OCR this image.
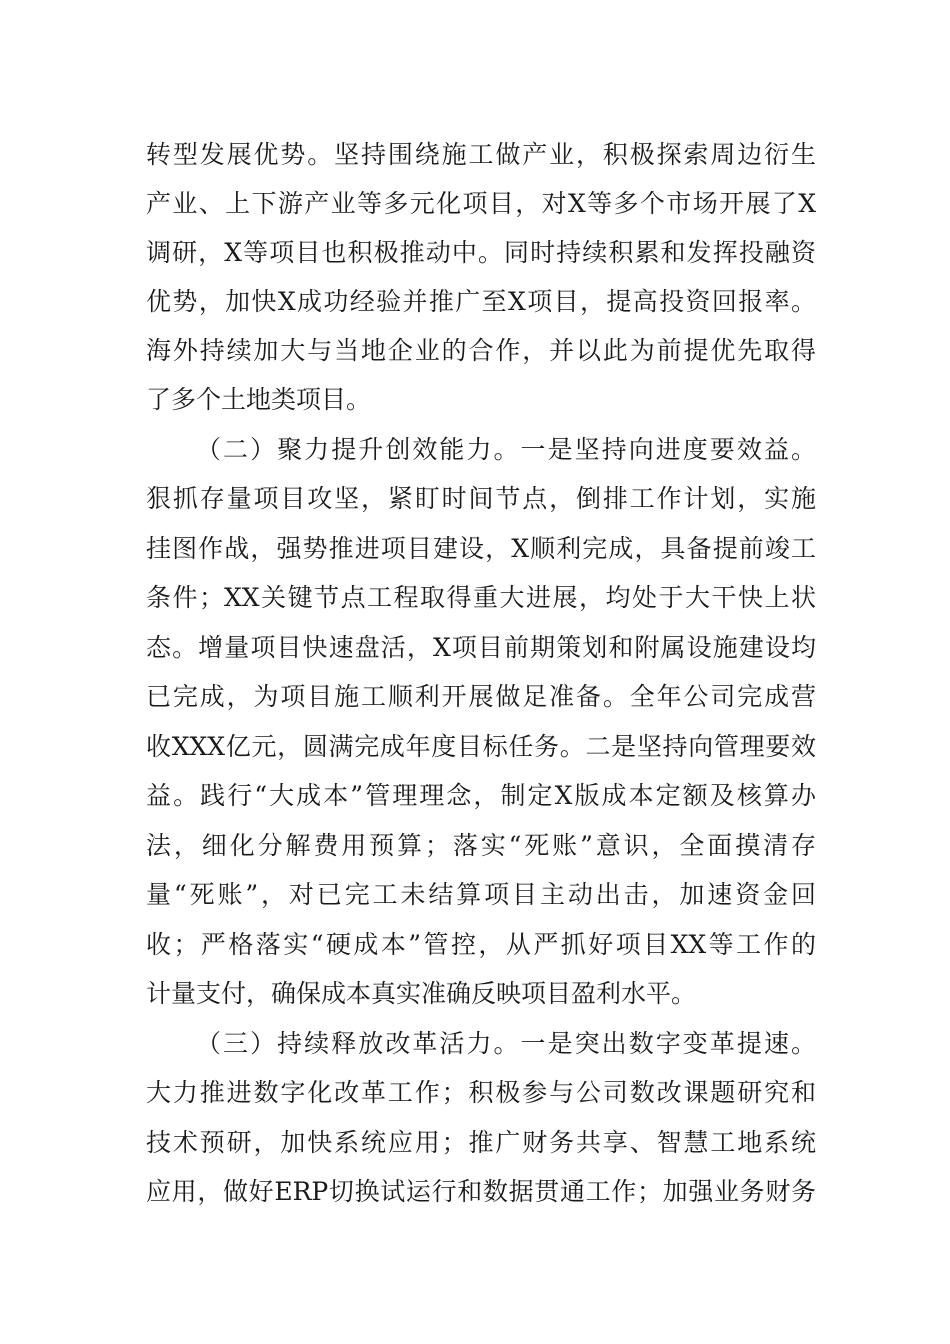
转型发展优势。坚持围绕施工做产业，积极探索周边衍生
产业、上下游产业等多元化项目，对X等多个市场开展了X
调研，X等项目也积极推动中。同时持续积累和发挥投融资
优势，加快X成功经验并推广至X项目，提高投资回报率。
海外持续加大与当地企业的合作，并以此为前提优先取得
了多个土地类项目。
（二）聚力提升创效能力。一是坚持向进度要效益。
狠抓存量项目攻坚，紧盯时间节点，倒排工作计划，实施
挂图作战，强势推进项目建设，X顺利完成，具备提前竣工
条件；XX关键节点工程取得重大进展，均处于大干快上状
态。增量项目快速盘活，X项目前期策划和附属设施建设均
已完成，为项目施工顺利开展做足准备。全年公司完成营
收XXX亿元，圆满完成年度目标任务。二是坚持向管理要效
益。践行“大成本”管理理念，制定X版成本定额及核算办
法，细化分解费用预算；落实“死账”意识，全面摸清存
量“死账”，对已完工未结算项目主动出击，加速资金回
收；严格落实“硬成本”管控，从严抓好项目XX等工作的
计量支付，确保成本真实准确反映项目盈利水平。
（三）持续释放改革活力。一是突出数字变革提速。
大力推进数字化改革工作；积极参与公司数改课题研究和
技术预研，加快系统应用；推广财务共享、智慧工地系统
应用，做好ERP切换试运行和数据贯通工作；加强业务财务
